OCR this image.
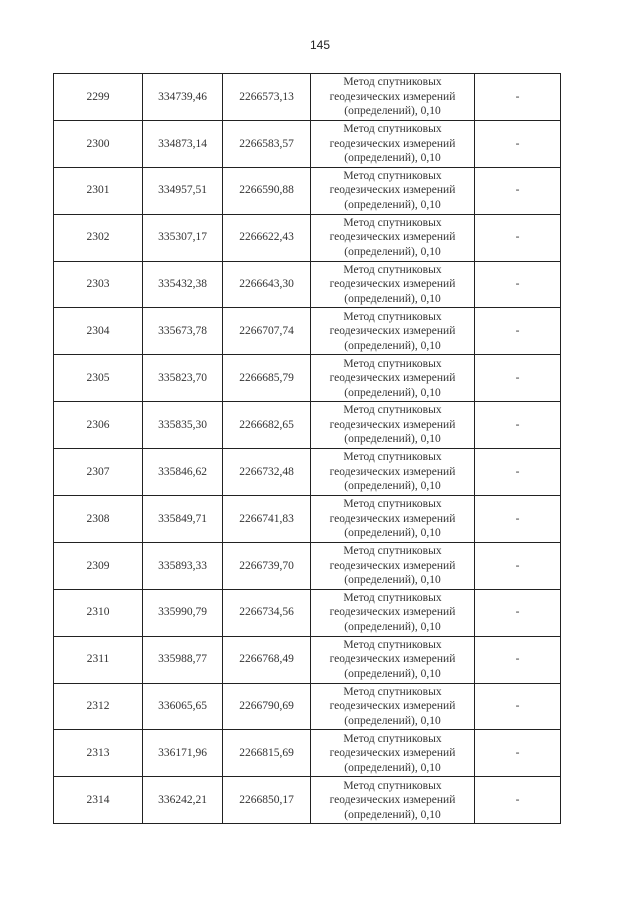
145
2299	334739,46	2266573,13	Метод спутниковых
геодезических измерений
(определений), 0,10	-
2300	334873,14	2266583,57	Метод спутниковых
геодезических измерений
(определений), 0,10	-
2301	334957,51	2266590,88	Метод спутниковых
геодезических измерений
(определений), 0,10	-
2302	335307,17	2266622,43	Метод спутниковых
геодезических измерений
(определений), 0,10	-
2303	335432,38	2266643,30	Метод спутниковых
геодезических измерений
(определений), 0,10	-
2304	335673,78	2266707,74	Метод спутниковых
геодезических измерений
(определений), 0,10	-
2305	335823,70	2266685,79	Метод спутниковых
геодезических измерений
(определений), 0,10	-
2306	335835,30	2266682,65	Метод спутниковых
геодезических измерений
(определений), 0,10	-
2307	335846,62	2266732,48	Метод спутниковых
геодезических измерений
(определений), 0,10	-
2308	335849,71	2266741,83	Метод спутниковых
геодезических измерений
(определений), 0,10	-
2309	335893,33	2266739,70	Метод спутниковых
геодезических измерений
(определений), 0,10	-
2310	335990,79	2266734,56	Метод спутниковых
геодезических измерений
(определений), 0,10	-
2311	335988,77	2266768,49	Метод спутниковых
геодезических измерений
(определений), 0,10	-
2312	336065,65	2266790,69	Метод спутниковых
геодезических измерений
(определений), 0,10	-
2313	336171,96	2266815,69	Метод спутниковых
геодезических измерений
(определений), 0,10	-
2314	336242,21	2266850,17	Метод спутниковых
геодезических измерений
(определений), 0,10	-
